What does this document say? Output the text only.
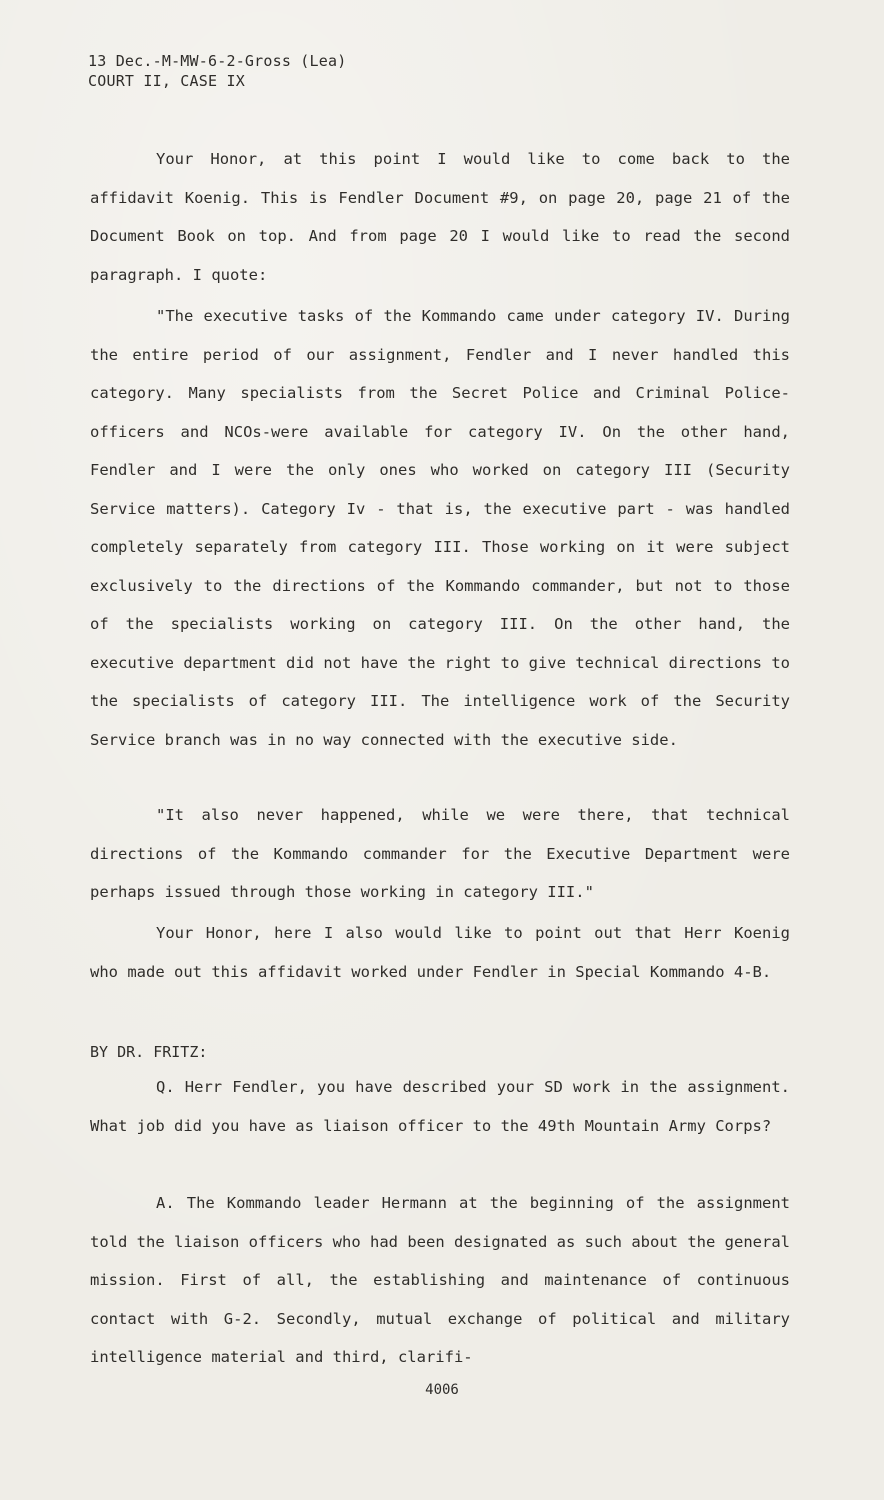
13 Dec.-M-MW-6-2-Gross (Lea)
COURT II, CASE IX

Your Honor, at this point I would like to come back to the affidavit Koenig. This is Fendler Document #9, on page 20, page 21 of the Document Book on top. And from page 20 I would like to read the second paragraph. I quote:

"The executive tasks of the Kommando came under category IV. During the entire period of our assignment, Fendler and I never handled this category. Many specialists from the Secret Police and Criminal Police-officers and NCOs-were available for category IV. On the other hand, Fendler and I were the only ones who worked on category III (Security Service matters). Category Iv - that is, the executive part - was handled completely separately from category III. Those working on it were subject exclusively to the directions of the Kommando commander, but not to those of the specialists working on category III. On the other hand, the executive department did not have the right to give technical directions to the specialists of category III. The intelligence work of the Security Service branch was in no way connected with the executive side.

"It also never happened, while we were there, that technical directions of the Kommando commander for the Executive Department were perhaps issued through those working in category III."

Your Honor, here I also would like to point out that Herr Koenig who made out this affidavit worked under Fendler in Special Kommando 4-B.

BY DR. FRITZ:

Q. Herr Fendler, you have described your SD work in the assignment. What job did you have as liaison officer to the 49th Mountain Army Corps?

A. The Kommando leader Hermann at the beginning of the assignment told the liaison officers who had been designated as such about the general mission. First of all, the establishing and maintenance of continuous contact with G-2. Secondly, mutual exchange of political and military intelligence material and third, clarifi-

4006
